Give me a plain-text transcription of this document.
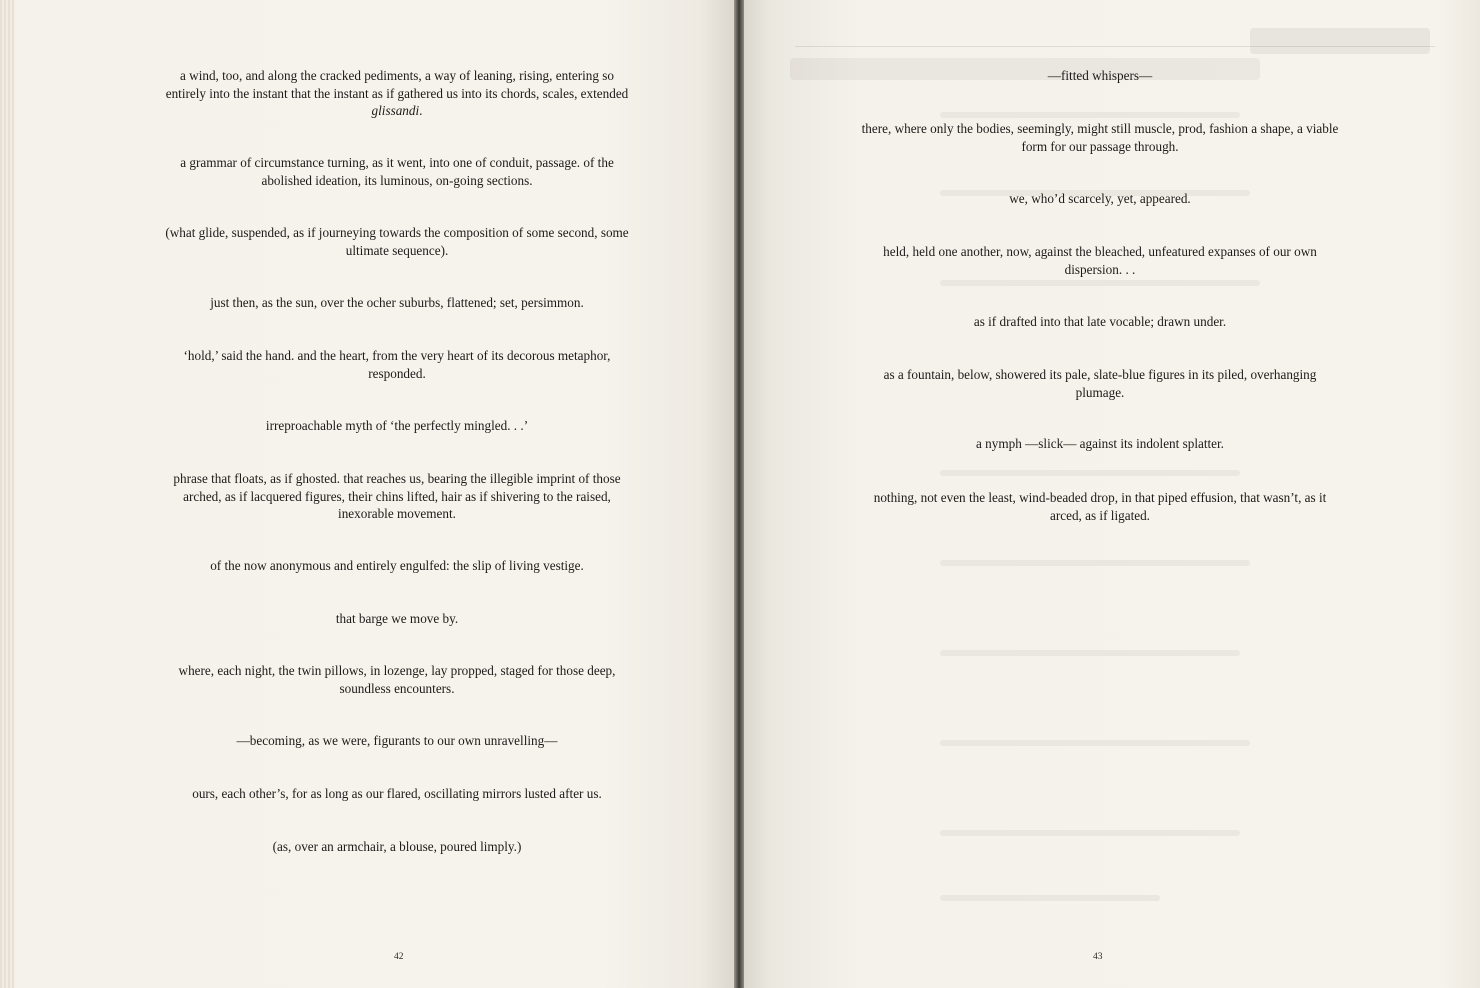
a wind, too, and along the cracked pediments, a way of leaning, rising, entering so entirely into the instant that the instant as if gathered us into its chords, scales, extended glissandi.
a grammar of circumstance turning, as it went, into one of conduit, passage. of the abolished ideation, its luminous, on-going sections.
(what glide, suspended, as if journeying towards the composition of some second, some ultimate sequence).
just then, as the sun, over the ocher suburbs, flattened; set, persimmon.
‘hold,’ said the hand. and the heart, from the very heart of its decorous metaphor, responded.
irreproachable myth of ‘the perfectly mingled. . .’
phrase that floats, as if ghosted. that reaches us, bearing the illegible imprint of those arched, as if lacquered figures, their chins lifted, hair as if shivering to the raised, inexorable movement.
of the now anonymous and entirely engulfed: the slip of living vestige.
that barge we move by.
where, each night, the twin pillows, in lozenge, lay propped, staged for those deep, soundless encounters.
—becoming, as we were, figurants to our own unravelling—
ours, each other’s, for as long as our flared, oscillating mirrors lusted after us.
(as, over an armchair, a blouse, poured limply.)
42
—fitted whispers—
there, where only the bodies, seemingly, might still muscle, prod, fashion a shape, a viable form for our passage through.
we, who’d scarcely, yet, appeared.
held, held one another, now, against the bleached, unfeatured expanses of our own dispersion. . .
as if drafted into that late vocable; drawn under.
as a fountain, below, showered its pale, slate-blue figures in its piled, overhanging plumage.
a nymph —slick— against its indolent splatter.
nothing, not even the least, wind-beaded drop, in that piped effusion, that wasn’t, as it arced, as if ligated.
43
